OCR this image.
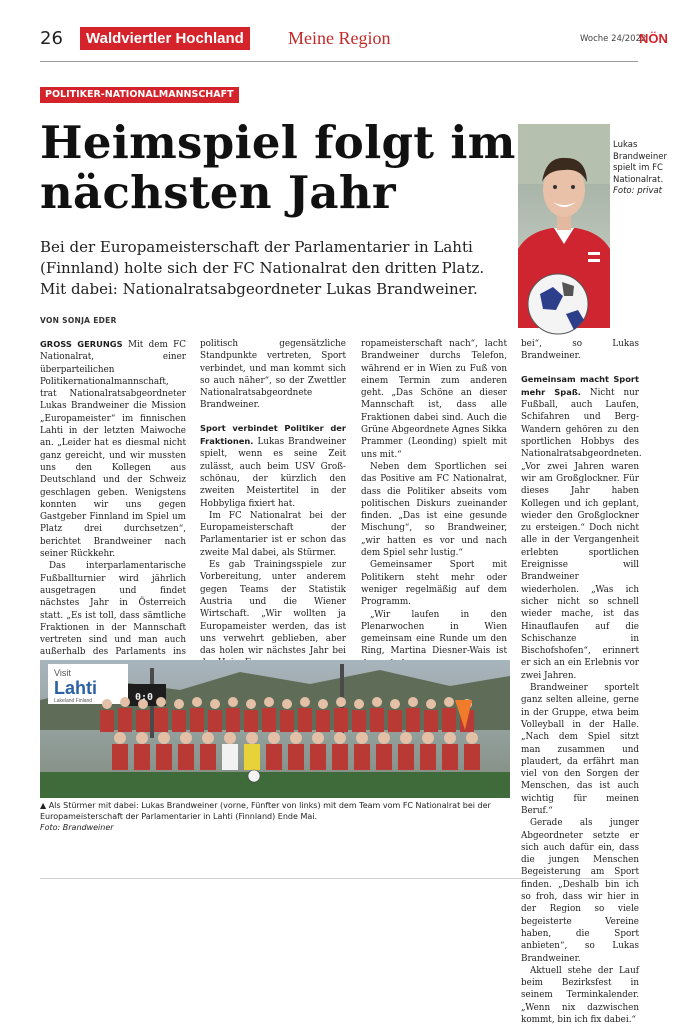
26	Waldviertler Hochland	Meine Region	Woche 24/2022
NÖN
POLITIKER-NATIONALMANNSCHAFT
Heimspiel folgt im nächsten Jahr

Bei der Europameisterschaft der Parlamentarier in Lahti (Finnland) holte sich der FC Nationalrat den dritten Platz. Mit dabei: Nationalratsabgeordneter Lukas Brandweiner.

VON SONJA EDER
Lukas Brandweiner spielt im FC Nationalrat.
Foto: privat

GROSS GERUNGS Mit dem FC Nationalrat, einer überparteilichen Politikernationalmannschaft, trat Nationalratsabgeordneter Lukas Brandweiner die Mission „Europameister“ im finnischen Lahti in der letzten Maiwoche an. „Leider hat es diesmal nicht ganz gereicht, und wir mussten uns den Kollegen aus Deutschland und der Schweiz geschlagen geben. Wenigstens konnten wir uns gegen Gastgeber Finnland im Spiel um Platz drei durchsetzen“, berichtet Brandweiner nach seiner Rückkehr.

Das interparlamentarische Fußballturnier wird jährlich ausgetragen und findet nächstes Jahr in Österreich statt. „Es ist toll, dass sämtliche Fraktionen in der Mannschaft vertreten sind und man auch außerhalb des Parlaments ins

politisch gegensätzliche Standpunkte vertreten, Sport verbindet, und man kommt sich so auch näher“, so der Zwettler Nationalratsabgeordnete Brandweiner.

Sport verbindet Politiker der Fraktionen. Lukas Brandweiner spielt, wenn es seine Zeit zulässt, auch beim USV Groß-schönau, der kürzlich den zweiten Meistertitel in der Hobbyliga fixiert hat.

Im FC Nationalrat bei der Europameisterschaft der Parlamentarier ist er schon das zweite Mal dabei, als Stürmer.

Es gab Trainingsspiele zur Vorbereitung, unter anderem gegen Teams der Statistik Austria und die Wiener Wirtschaft. „Wir wollten ja Europameister werden, das ist uns verwehrt geblieben, aber das holen wir nächstes Jahr bei

ropameisterschaft nach“, lacht Brandweiner durchs Telefon, während er in Wien zu Fuß von einem Termin zum anderen geht. „Das Schöne an dieser Mannschaft ist, dass alle Fraktionen dabei sind. Auch die Grüne Abgeordnete Agnes Sikka Prammer (Leonding) spielt mit uns mit.“

Neben dem Sportlichen sei das Positive am FC Nationalrat, dass die Politiker abseits vom politischen Diskurs zueinander finden. „Das ist eine gesunde Mischung“, so Brandweiner, „wir hatten es vor und nach dem Spiel sehr lustig.“

Gemeinsamer Sport mit Politikern steht mehr oder weniger regelmäßig auf dem Programm.

„Wir laufen in den Plenarwochen in Wien gemeinsam eine Runde um den Ring, Martina Diesner-Wais ist

bei“, so Lukas Brandweiner.

Gemeinsam macht Sport mehr Spaß. Nicht nur Fußball, auch Laufen, Schifahren und Berg-Wandern gehören zu den sportlichen Hobbys des Nationalratsabgeordneten. „Vor zwei Jahren waren wir am Großglockner. Für dieses Jahr haben Kollegen und ich geplant, wieder den Großglockner zu ersteigen.“ Doch nicht alle in der Vergangenheit erlebten sportlichen Ereignisse will Brandweiner wiederholen. „Was ich sicher nicht so schnell wieder mache, ist das Hinauflaufen auf die Schischanze in Bischofshofen“, erinnert er sich an ein Erlebnis vor zwei Jahren.

Brandweiner sportelt ganz selten alleine, gerne in der Gruppe, etwa beim Volleyball in der Halle. „Nach dem Spiel sitzt man zusammen und plaudert, da erfährt man viel von den Sorgen der Menschen, das ist auch wichtig für meinen Beruf.“

Gerade als junger Abgeordneter setzte er sich auch dafür ein, dass die jungen Menschen Begeisterung am Sport finden. „Deshalb bin ich so froh, dass wir hier in der Region so viele begeisterte Vereine haben, die Sport anbieten“, so Lukas Brandweiner.

Aktuell stehe der Lauf beim Bezirksfest in seinem Terminkalender. „Wenn nix dazwischen kommt, bin ich fix dabei.“

Visit
Lahti
Lakeland Finland	0:0
▲ Als Stürmer mit dabei: Lukas Brandweiner (vorne, Fünfter von links) mit dem Team vom FC Nationalrat bei der Europameisterschaft der Parlamentarier in Lahti (Finnland) Ende Mai.
Foto: Brandweiner
